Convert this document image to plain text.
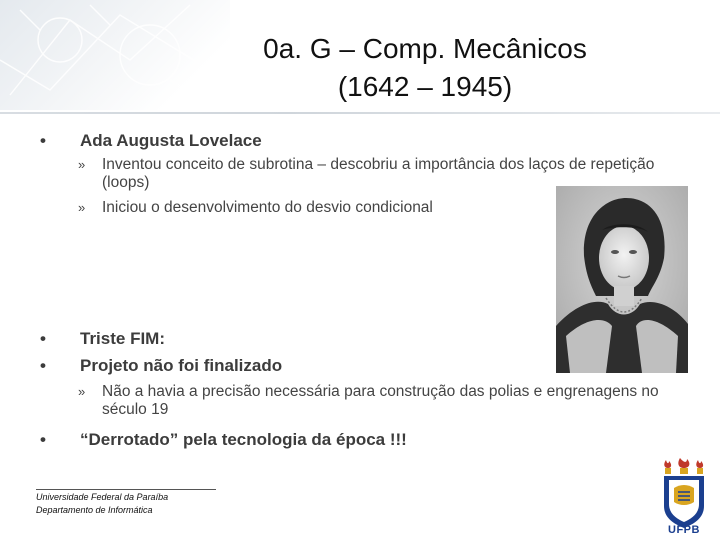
0a. G – Comp. Mecânicos
(1642 – 1945)
• Ada Augusta Lovelace
» Inventou conceito de subrotina – descobriu a importância dos laços de repetição (loops)
» Iniciou o desenvolvimento do desvio condicional
• Triste FIM:
• Projeto não foi finalizado
» Não a havia a precisão necessária para construção das polias e engrenagens no século 19
• “Derrotado” pela tecnologia da época !!!
Universidade Federal da Paraíba
Departamento de Informática
UFPB
